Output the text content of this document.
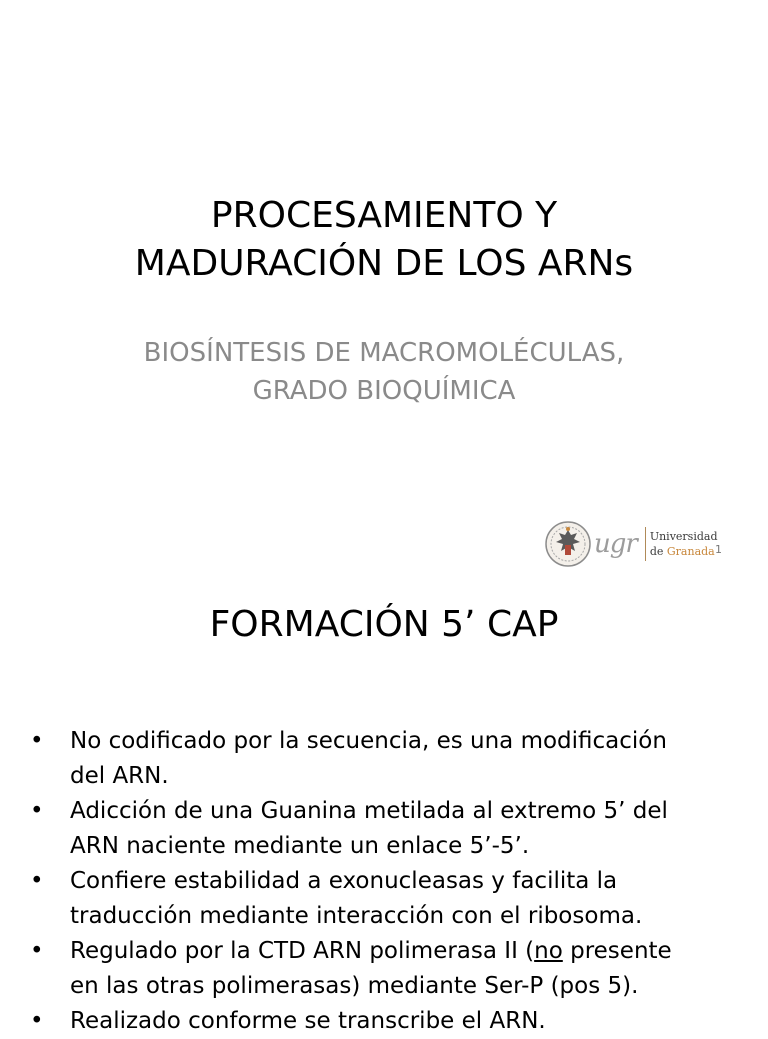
PROCESAMIENTO Y
MADURACIÓN DE LOS ARNs
BIOSÍNTESIS DE MACROMOLÉCULAS,
GRADO BIOQUÍMICA
ugr Universidad
de Granada 1
FORMACIÓN 5’ CAP
• No codificado por la secuencia, es una modificación
del ARN.
• Adicción de una Guanina metilada al extremo 5’ del
ARN naciente mediante un enlace 5’-5’.
• Confiere estabilidad a exonucleasas y facilita la
traducción mediante interacción con el ribosoma.
• Regulado por la CTD ARN polimerasa II (no presente
en las otras polimerasas) mediante Ser-P (pos 5).
• Realizado conforme se transcribe el ARN.
